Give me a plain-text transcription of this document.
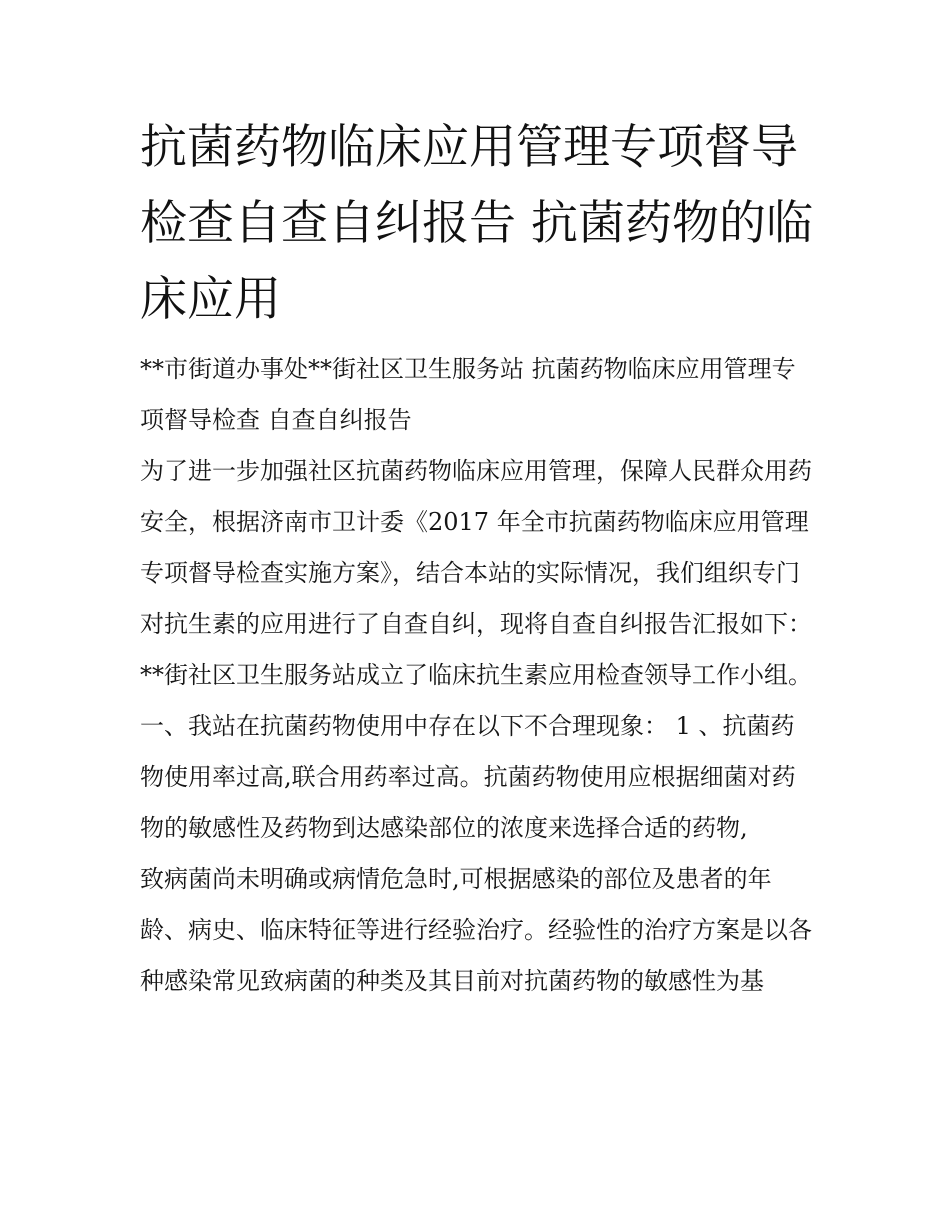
抗菌药物临床应用管理专项督导检查自查自纠报告 抗菌药物的临床应用

**市街道办事处**街社区卫生服务站 抗菌药物临床应用管理专项督导检查 自查自纠报告

为了进一步加强社区抗菌药物临床应用管理，保障人民群众用药安全，根据济南市卫计委《2017 年全市抗菌药物临床应用管理专项督导检查实施方案》，结合本站的实际情况，我们组织专门对抗生素的应用进行了自查自纠，现将自查自纠报告汇报如下：

**街社区卫生服务站成立了临床抗生素应用检查领导工作小组。 一、我站在抗菌药物使用中存在以下不合理现象： 1 、抗菌药物使用率过高,联合用药率过高。抗菌药物使用应根据细菌对药物的敏感性及药物到达感染部位的浓度来选择合适的药物,

致病菌尚未明确或病情危急时,可根据感染的部位及患者的年龄、病史、临床特征等进行经验治疗。经验性的治疗方案是以各种感染常见致病菌的种类及其目前对抗菌药物的敏感性为基
